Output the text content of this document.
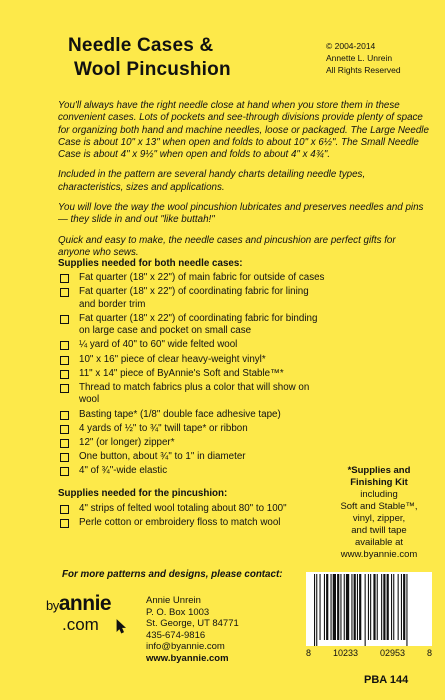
Needle Cases &
Wool Pincushion
© 2004-2014
Annette L. Unrein
All Rights Reserved

You'll always have the right needle close at hand when you store them in these convenient cases. Lots of pockets and see-through divisions provide plenty of space for organizing both hand and machine needles, loose or packaged. The Large Needle Case is about 10" x 13" when open and folds to about 10" x 6½". The Small Needle Case is about 4" x 9½" when open and folds to about 4" x 4¾".

Included in the pattern are several handy charts detailing needle types, characteristics, sizes and applications.

You will love the way the wool pincushion lubricates and preserves needles and pins — they slide in and out "like buttah!"

Quick and easy to make, the needle cases and pincushion are perfect gifts for anyone who sews.

Supplies needed for both needle cases:
Fat quarter (18" x 22") of main fabric for outside of cases
Fat quarter (18" x 22") of coordinating fabric for lining and border trim
Fat quarter (18" x 22") of coordinating fabric for binding on large case and pocket on small case
¼ yard of 40" to 60" wide felted wool
10" x 16" piece of clear heavy-weight vinyl*
11" x 14" piece of ByAnnie's Soft and Stable™*
Thread to match fabrics plus a color that will show on wool
Basting tape* (1/8" double face adhesive tape)
4 yards of ½" to ¾" twill tape* or ribbon
12" (or longer) zipper*
One button, about ¾" to 1" in diameter
4" of ¾"-wide elastic
Supplies needed for the pincushion:
4" strips of felted wool totaling about 80" to 100"
Perle cotton or embroidery floss to match wool
*Supplies and
Finishing Kit
including
Soft and Stable™,
vinyl, zipper,
and twill tape
available at
www.byannie.com
For more patterns and designs, please contact:
byannie
.com
Annie Unrein
P. O. Box 1003
St. George, UT 84771
435-674-9816
info@byannie.com
www.byannie.com	8 10233 02953 8
PBA 144
